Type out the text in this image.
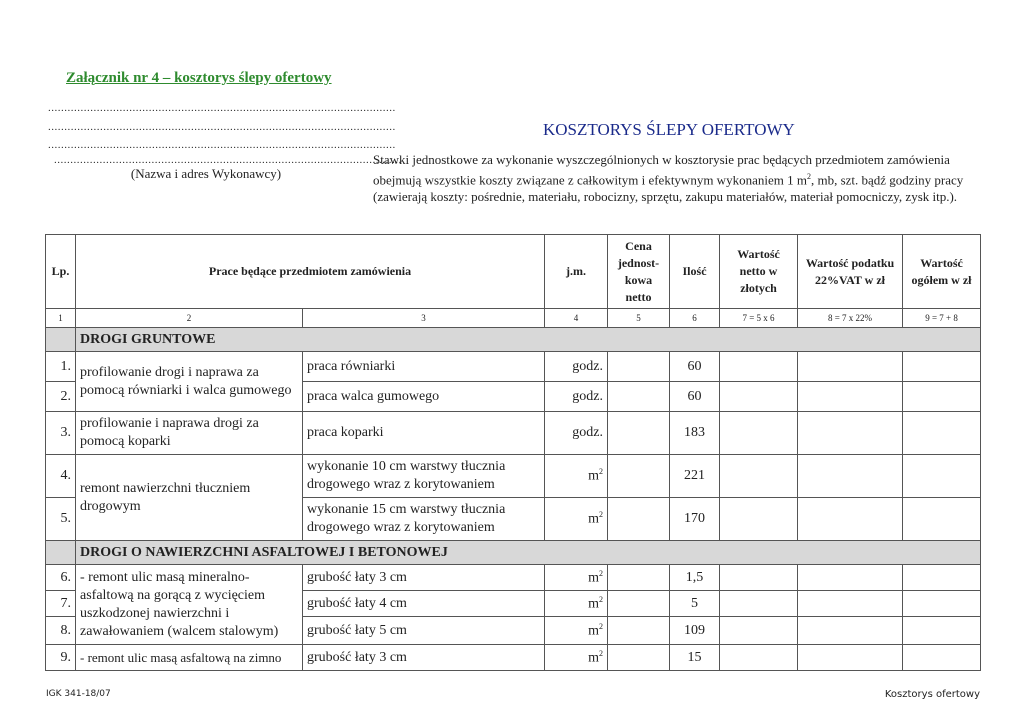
Załącznik nr 4 – kosztorys ślepy ofertowy
...........................................................................................................
...........................................................................................................
...........................................................................................................
...........................................................................................................
(Nazwa i adres Wykonawcy)
KOSZTORYS ŚLEPY OFERTOWY
Stawki jednostkowe za wykonanie wyszczególnionych w kosztorysie prac będących przedmiotem zamówienia obejmują wszystkie koszty związane z całkowitym i efektywnym wykonaniem 1 $m^2$, mb, szt. bądź godziny pracy (zawierają koszty: pośrednie, materiału, robocizny, sprzętu, zakupu materiałów, materiał pomocniczy, zysk itp.).
Lp.	Prace będące przedmiotem zamówienia		j.m.	Cena jednost-kowa netto	Ilość	Wartość netto w złotych	Wartość podatku 22%VAT w zł	Wartość ogółem w zł
1	2	3	4	5	6	7 = 5 x 6	8 = 7 x 22%	9 = 7 + 8
	DROGI GRUNTOWE							
1.	profilowanie drogi i naprawa za pomocą równiarki i walca gumowego	praca równiarki	godz.		60			
2.		praca walca gumowego	godz.		60			
3.	profilowanie i naprawa drogi za pomocą koparki	praca koparki	godz.		183			
4.	remont nawierzchni tłuczniem drogowym	wykonanie 10 cm warstwy tłucznia drogowego wraz z korytowaniem	$m^2$		221			
5.		wykonanie 15 cm warstwy tłucznia drogowego wraz z korytowaniem	$m^2$		170			
	DROGI O NAWIERZCHNI ASFALTOWEJ I BETONOWEJ							
6.	- remont ulic masą mineralno-asfaltową na gorącą z wycięciem uszkodzonej nawierzchni i zawałowaniem (walcem stalowym)	grubość łaty 3 cm	$m^2$		1,5			
7.		grubość łaty 4 cm	$m^2$		5			
8.		grubość łaty 5 cm	$m^2$		109			
9.	- remont ulic masą asfaltową na zimno	grubość łaty 3 cm	$m^2$		15			
IGK 341-18/07	Kosztorys ofertowy
